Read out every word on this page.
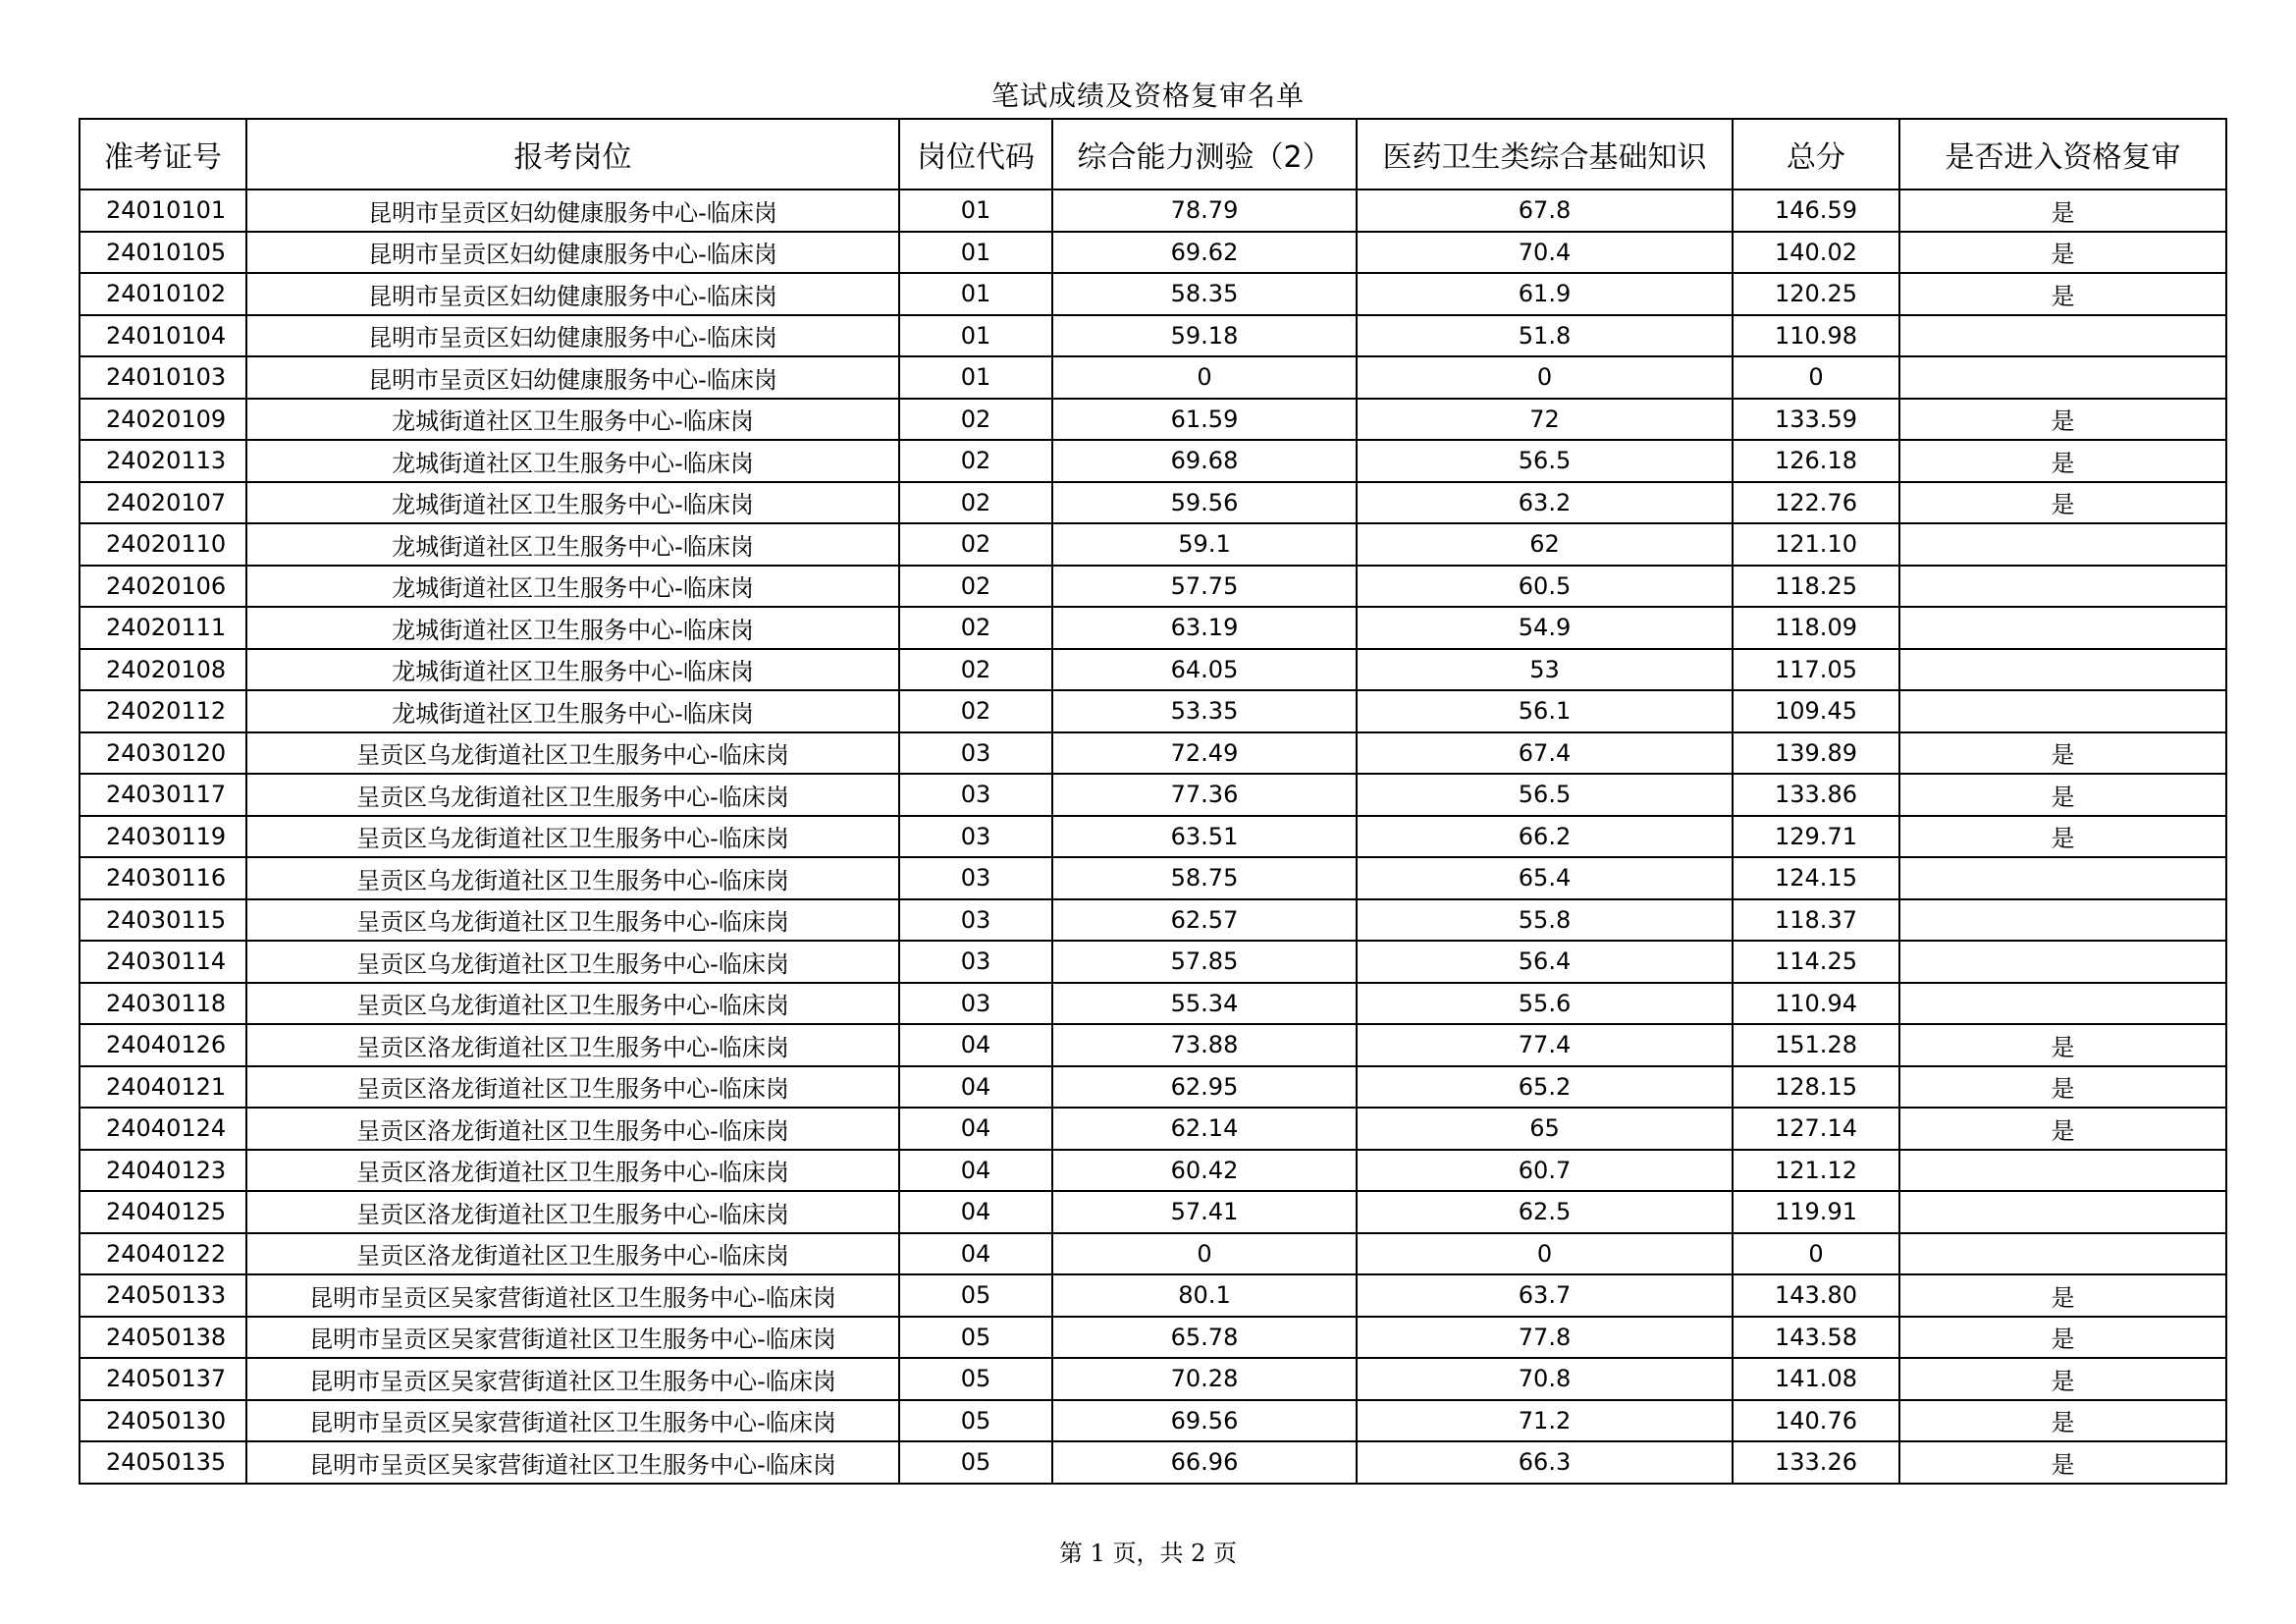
笔试成绩及资格复审名单
准考证号	报考岗位	岗位代码	综合能力测验（2）	医药卫生类综合基础知识	总分	是否进入资格复审
24010101	昆明市呈贡区妇幼健康服务中心-临床岗	01	78.79	67.8	146.59	是
24010105	昆明市呈贡区妇幼健康服务中心-临床岗	01	69.62	70.4	140.02	是
24010102	昆明市呈贡区妇幼健康服务中心-临床岗	01	58.35	61.9	120.25	是
24010104	昆明市呈贡区妇幼健康服务中心-临床岗	01	59.18	51.8	110.98	
24010103	昆明市呈贡区妇幼健康服务中心-临床岗	01	0	0	0	
24020109	龙城街道社区卫生服务中心-临床岗	02	61.59	72	133.59	是
24020113	龙城街道社区卫生服务中心-临床岗	02	69.68	56.5	126.18	是
24020107	龙城街道社区卫生服务中心-临床岗	02	59.56	63.2	122.76	是
24020110	龙城街道社区卫生服务中心-临床岗	02	59.1	62	121.10	
24020106	龙城街道社区卫生服务中心-临床岗	02	57.75	60.5	118.25	
24020111	龙城街道社区卫生服务中心-临床岗	02	63.19	54.9	118.09	
24020108	龙城街道社区卫生服务中心-临床岗	02	64.05	53	117.05	
24020112	龙城街道社区卫生服务中心-临床岗	02	53.35	56.1	109.45	
24030120	呈贡区乌龙街道社区卫生服务中心-临床岗	03	72.49	67.4	139.89	是
24030117	呈贡区乌龙街道社区卫生服务中心-临床岗	03	77.36	56.5	133.86	是
24030119	呈贡区乌龙街道社区卫生服务中心-临床岗	03	63.51	66.2	129.71	是
24030116	呈贡区乌龙街道社区卫生服务中心-临床岗	03	58.75	65.4	124.15	
24030115	呈贡区乌龙街道社区卫生服务中心-临床岗	03	62.57	55.8	118.37	
24030114	呈贡区乌龙街道社区卫生服务中心-临床岗	03	57.85	56.4	114.25	
24030118	呈贡区乌龙街道社区卫生服务中心-临床岗	03	55.34	55.6	110.94	
24040126	呈贡区洛龙街道社区卫生服务中心-临床岗	04	73.88	77.4	151.28	是
24040121	呈贡区洛龙街道社区卫生服务中心-临床岗	04	62.95	65.2	128.15	是
24040124	呈贡区洛龙街道社区卫生服务中心-临床岗	04	62.14	65	127.14	是
24040123	呈贡区洛龙街道社区卫生服务中心-临床岗	04	60.42	60.7	121.12	
24040125	呈贡区洛龙街道社区卫生服务中心-临床岗	04	57.41	62.5	119.91	
24040122	呈贡区洛龙街道社区卫生服务中心-临床岗	04	0	0	0	
24050133	昆明市呈贡区吴家营街道社区卫生服务中心-临床岗	05	80.1	63.7	143.80	是
24050138	昆明市呈贡区吴家营街道社区卫生服务中心-临床岗	05	65.78	77.8	143.58	是
24050137	昆明市呈贡区吴家营街道社区卫生服务中心-临床岗	05	70.28	70.8	141.08	是
24050130	昆明市呈贡区吴家营街道社区卫生服务中心-临床岗	05	69.56	71.2	140.76	是
24050135	昆明市呈贡区吴家营街道社区卫生服务中心-临床岗	05	66.96	66.3	133.26	是
第 1 页，共 2 页
